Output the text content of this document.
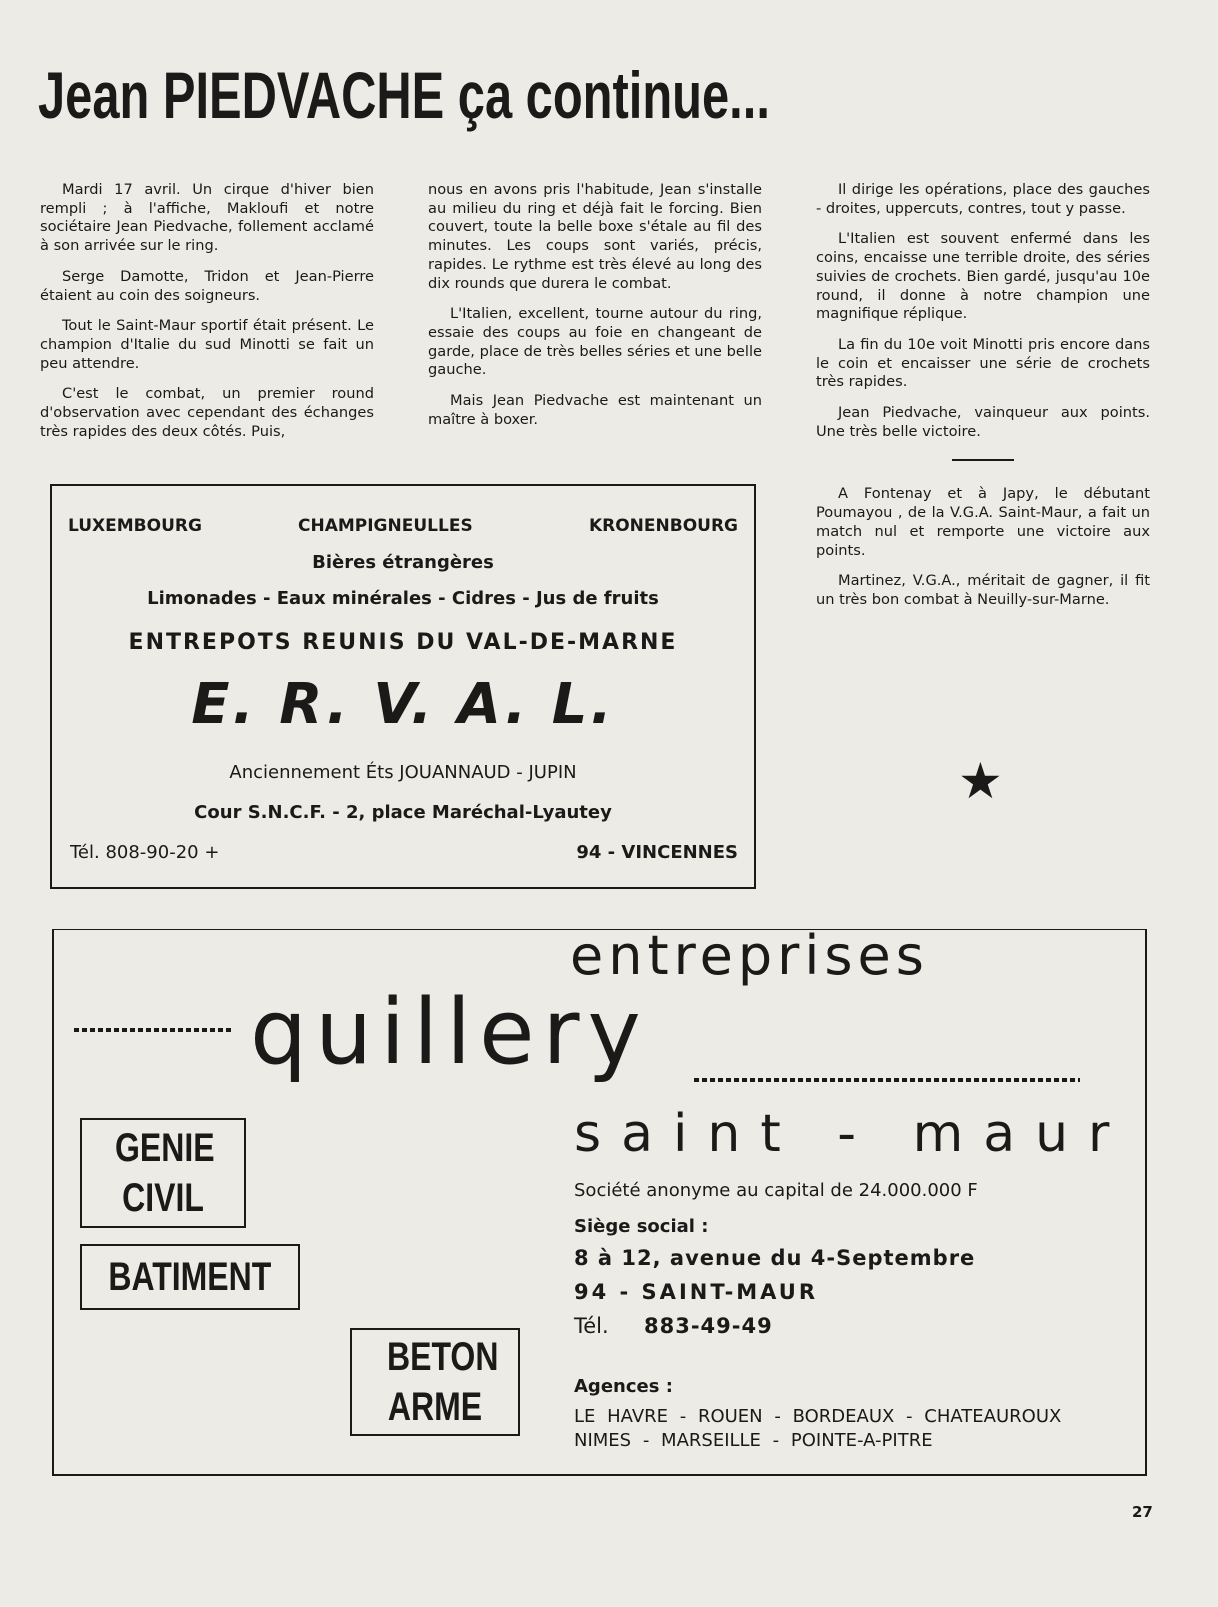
Jean PIEDVACHE ça continue...

Mardi 17 avril. Un cirque d'hiver bien rempli ; à l'affiche, Makloufi et notre sociétaire Jean Piedvache, follement acclamé à son arrivée sur le ring.

Serge Damotte, Tridon et Jean-Pierre étaient au coin des soigneurs.

Tout le Saint-Maur sportif était présent. Le champion d'Italie du sud Minotti se fait un peu attendre.

C'est le combat, un premier round d'observation avec cependant des échanges très rapides des deux côtés. Puis,

nous en avons pris l'habitude, Jean s'installe au milieu du ring et déjà fait le forcing. Bien couvert, toute la belle boxe s'étale au fil des minutes. Les coups sont variés, précis, rapides. Le rythme est très élevé au long des dix rounds que durera le combat.

L'Italien, excellent, tourne autour du ring, essaie des coups au foie en changeant de garde, place de très belles séries et une belle gauche.

Mais Jean Piedvache est maintenant un maître à boxer.

Il dirige les opérations, place des gauches - droites, uppercuts, contres, tout y passe.

L'Italien est souvent enfermé dans les coins, encaisse une terrible droite, des séries suivies de crochets. Bien gardé, jusqu'au 10e round, il donne à notre champion une magnifique réplique.

La fin du 10e voit Minotti pris encore dans le coin et encaisser une série de crochets très rapides.

Jean Piedvache, vainqueur aux points. Une très belle victoire.

A Fontenay et à Japy, le débutant Poumayou , de la V.G.A. Saint-Maur, a fait un match nul et remporte une victoire aux points.

Martinez, V.G.A., méritait de gagner, il fit un très bon combat à Neuilly-sur-Marne.

★
LUXEMBOURG	CHAMPIGNEULLES	KRONENBOURG
Bières étrangères
Limonades - Eaux minérales - Cidres - Jus de fruits
ENTREPOTS REUNIS DU VAL-DE-MARNE
E. R. V. A. L.
Anciennement Éts JOUANNAUD - JUPIN
Cour S.N.C.F. - 2, place Maréchal-Lyautey
Tél. 808-90-20 +	94 - VINCENNES
entreprises
quillery
saint - maur
GENIE CIVIL
BATIMENT
BETON ARME
Société anonyme au capital de 24.000.000 F
Siège social :
8 à 12, avenue du 4-Septembre
94 - SAINT-MAUR
Tél. 883-49-49
Agences :
LE HAVRE - ROUEN - BORDEAUX - CHATEAUROUX
NIMES - MARSEILLE - POINTE-A-PITRE
27
